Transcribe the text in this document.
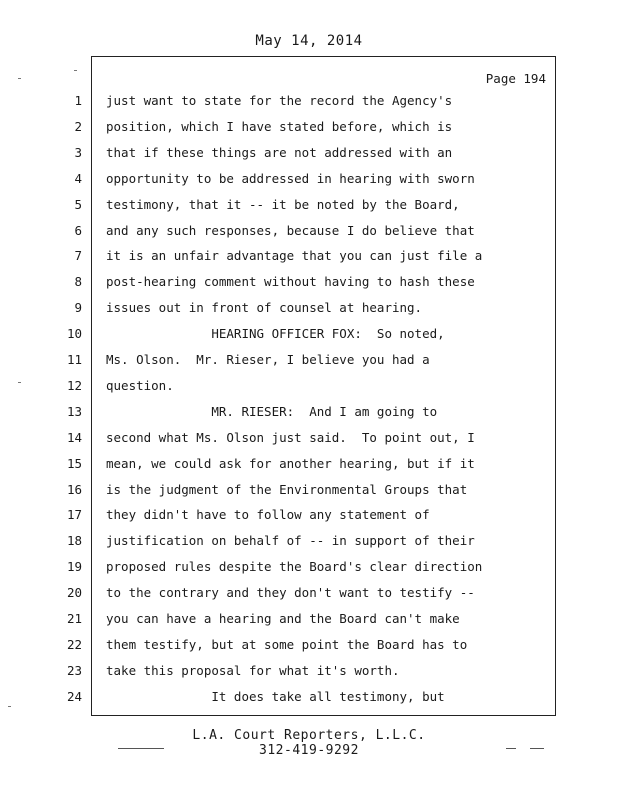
May 14, 2014
Page 194
1 just want to state for the record the Agency's
2 position, which I have stated before, which is
3 that if these things are not addressed with an
4 opportunity to be addressed in hearing with sworn
5 testimony, that it -- it be noted by the Board,
6 and any such responses, because I do believe that
7 it is an unfair advantage that you can just file a
8 post-hearing comment without having to hash these
9 issues out in front of counsel at hearing.
10 HEARING OFFICER FOX:  So noted,
11 Ms. Olson.  Mr. Rieser, I believe you had a
12 question.
13 MR. RIESER:  And I am going to
14 second what Ms. Olson just said.  To point out, I
15 mean, we could ask for another hearing, but if it
16 is the judgment of the Environmental Groups that
17 they didn't have to follow any statement of
18 justification on behalf of -- in support of their
19 proposed rules despite the Board's clear direction
20 to the contrary and they don't want to testify --
21 you can have a hearing and the Board can't make
22 them testify, but at some point the Board has to
23 take this proposal for what it's worth.
24 It does take all testimony, but
L.A. Court Reporters, L.L.C.
312-419-9292
